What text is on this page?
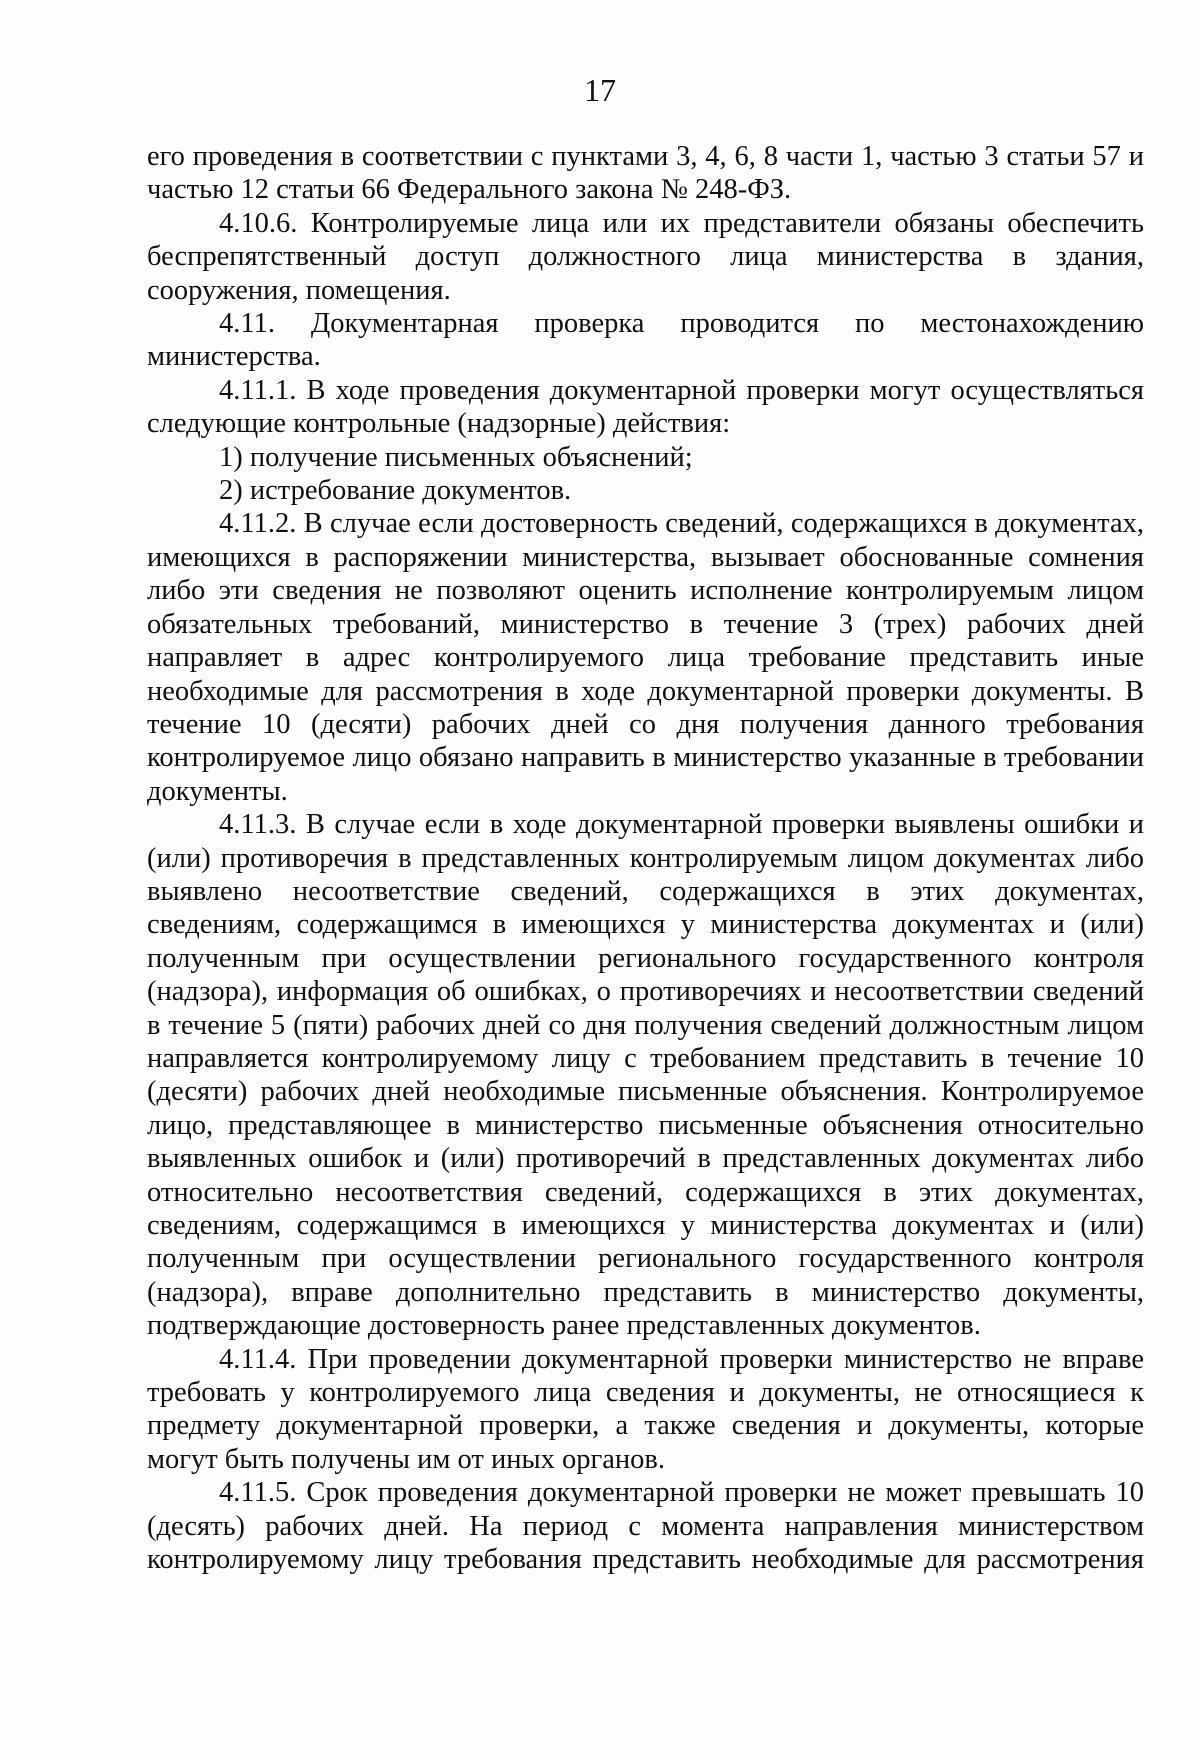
17

его проведения в соответствии с пунктами 3, 4, 6, 8 части 1, частью 3 статьи 57 и частью 12 статьи 66 Федерального закона № 248-ФЗ.

4.10.6. Контролируемые лица или их представители обязаны обеспечить беспрепятственный доступ должностного лица министерства в здания, сооружения, помещения.

4.11. Документарная проверка проводится по местонахождению министерства.

4.11.1. В ходе проведения документарной проверки могут осуществляться следующие контрольные (надзорные) действия:

1) получение письменных объяснений;

2) истребование документов.

4.11.2. В случае если достоверность сведений, содержащихся в документах, имеющихся в распоряжении министерства, вызывает обоснованные сомнения либо эти сведения не позволяют оценить исполнение контролируемым лицом обязательных требований, министерство в течение 3 (трех) рабочих дней направляет в адрес контролируемого лица требование представить иные необходимые для рассмотрения в ходе документарной проверки документы. В течение 10 (десяти) рабочих дней со дня получения данного требования контролируемое лицо обязано направить в министерство указанные в требовании документы.

4.11.3. В случае если в ходе документарной проверки выявлены ошибки и (или) противоречия в представленных контролируемым лицом документах либо выявлено несоответствие сведений, содержащихся в этих документах, сведениям, содержащимся в имеющихся у министерства документах и (или) полученным при осуществлении регионального государственного контроля (надзора), информация об ошибках, о противоречиях и несоответствии сведений в течение 5 (пяти) рабочих дней со дня получения сведений должностным лицом направляется контролируемому лицу с требованием представить в течение 10 (десяти) рабочих дней необходимые письменные объяснения. Контролируемое лицо, представляющее в министерство письменные объяснения относительно выявленных ошибок и (или) противоречий в представленных документах либо относительно несоответствия сведений, содержащихся в этих документах, сведениям, содержащимся в имеющихся у министерства документах и (или) полученным при осуществлении регионального государственного контроля (надзора), вправе дополнительно представить в министерство документы, подтверждающие достоверность ранее представленных документов.

4.11.4. При проведении документарной проверки министерство не вправе требовать у контролируемого лица сведения и документы, не относящиеся к предмету документарной проверки, а также сведения и документы, которые могут быть получены им от иных органов.

4.11.5. Срок проведения документарной проверки не может превышать 10 (десять) рабочих дней. На период с момента направления министерством контролируемому лицу требования представить необходимые для рассмотрения
